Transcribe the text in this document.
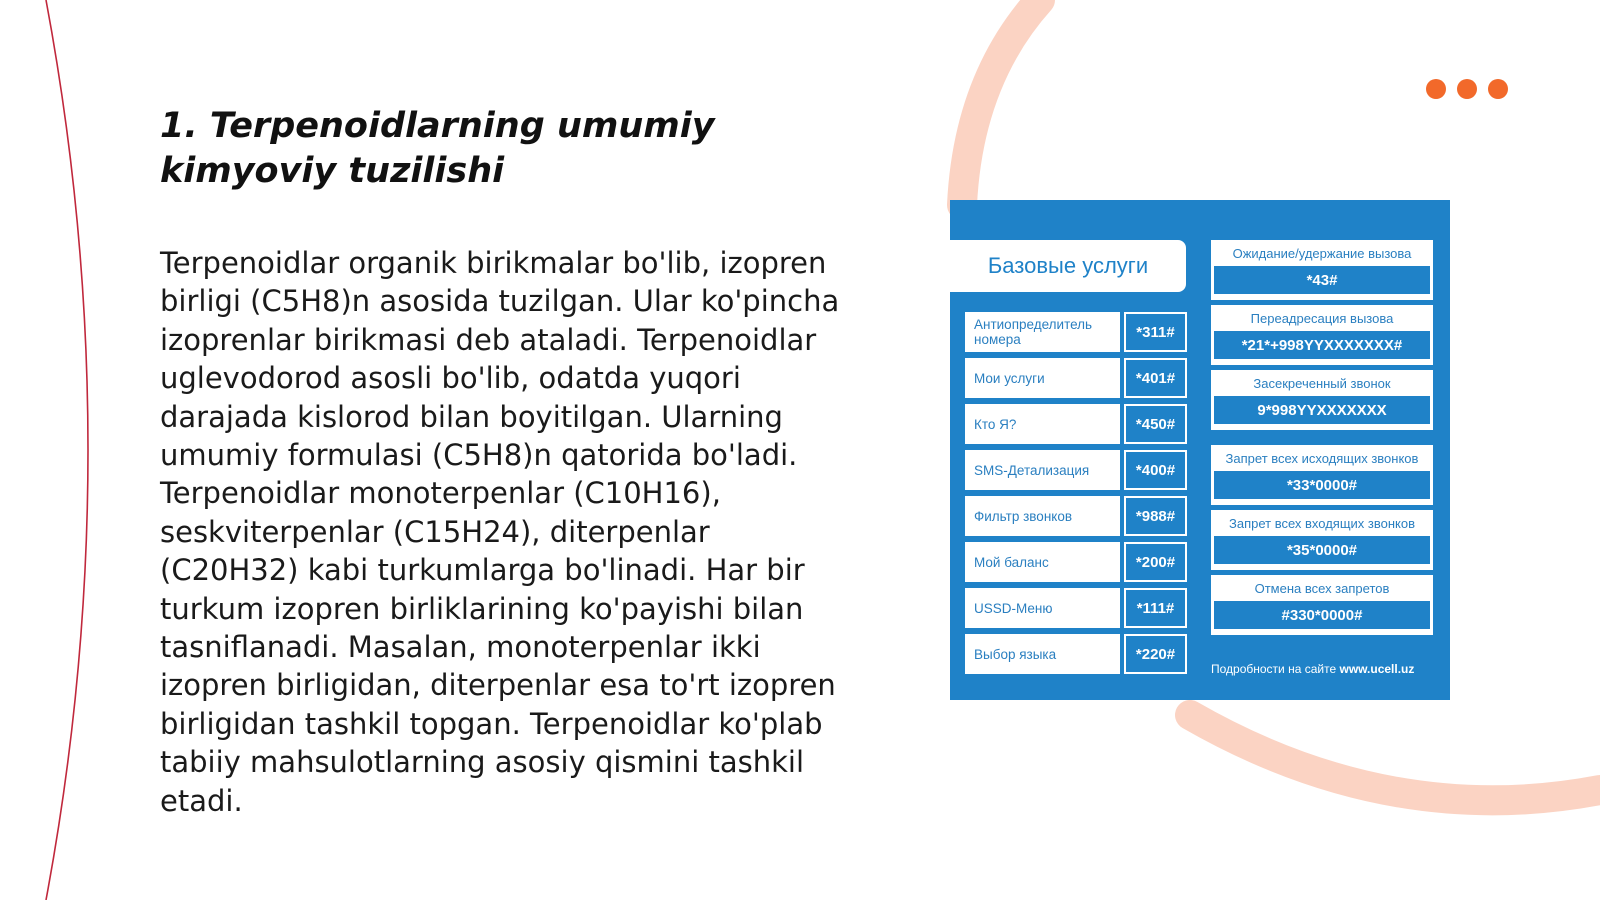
1. Terpenoidlarning umumiy kimyoviy tuzilishi

Terpenoidlar organik birikmalar bo'lib, izopren birligi (C5H8)n asosida tuzilgan. Ular ko'pincha izoprenlar birikmasi deb ataladi. Terpenoidlar uglevodorod asosli bo'lib, odatda yuqori darajada kislorod bilan boyitilgan. Ularning umumiy formulasi (C5H8)n qatorida bo'ladi. Terpenoidlar monoterpenlar (C10H16), seskviterpenlar (C15H24), diterpenlar (C20H32) kabi turkumlarga bo'linadi. Har bir turkum izopren birliklarining ko'payishi bilan tasniflanadi. Masalan, monoterpenlar ikki izopren birligidan, diterpenlar esa to'rt izopren birligidan tashkil topgan. Terpenoidlar ko'plab tabiiy mahsulotlarning asosiy qismini tashkil etadi.

Базовые услуги
Антиопределитель номера	*311#
Мои услуги	*401#
Кто Я?	*450#
SMS-Детализация	*400#
Фильтр звонков	*988#
Мой баланс	*200#
USSD-Меню	*111#
Выбор языка	*220#
Ожидание/удержание вызова
*43#
Переадресация вызова
*21*+998YYXXXXXXX#
Засекреченный звонок
9*998YYXXXXXXX
Запрет всех исходящих звонков
*33*0000#
Запрет всех входящих звонков
*35*0000#
Отмена всех запретов
#330*0000#
Подробности на сайте www.ucell.uz
